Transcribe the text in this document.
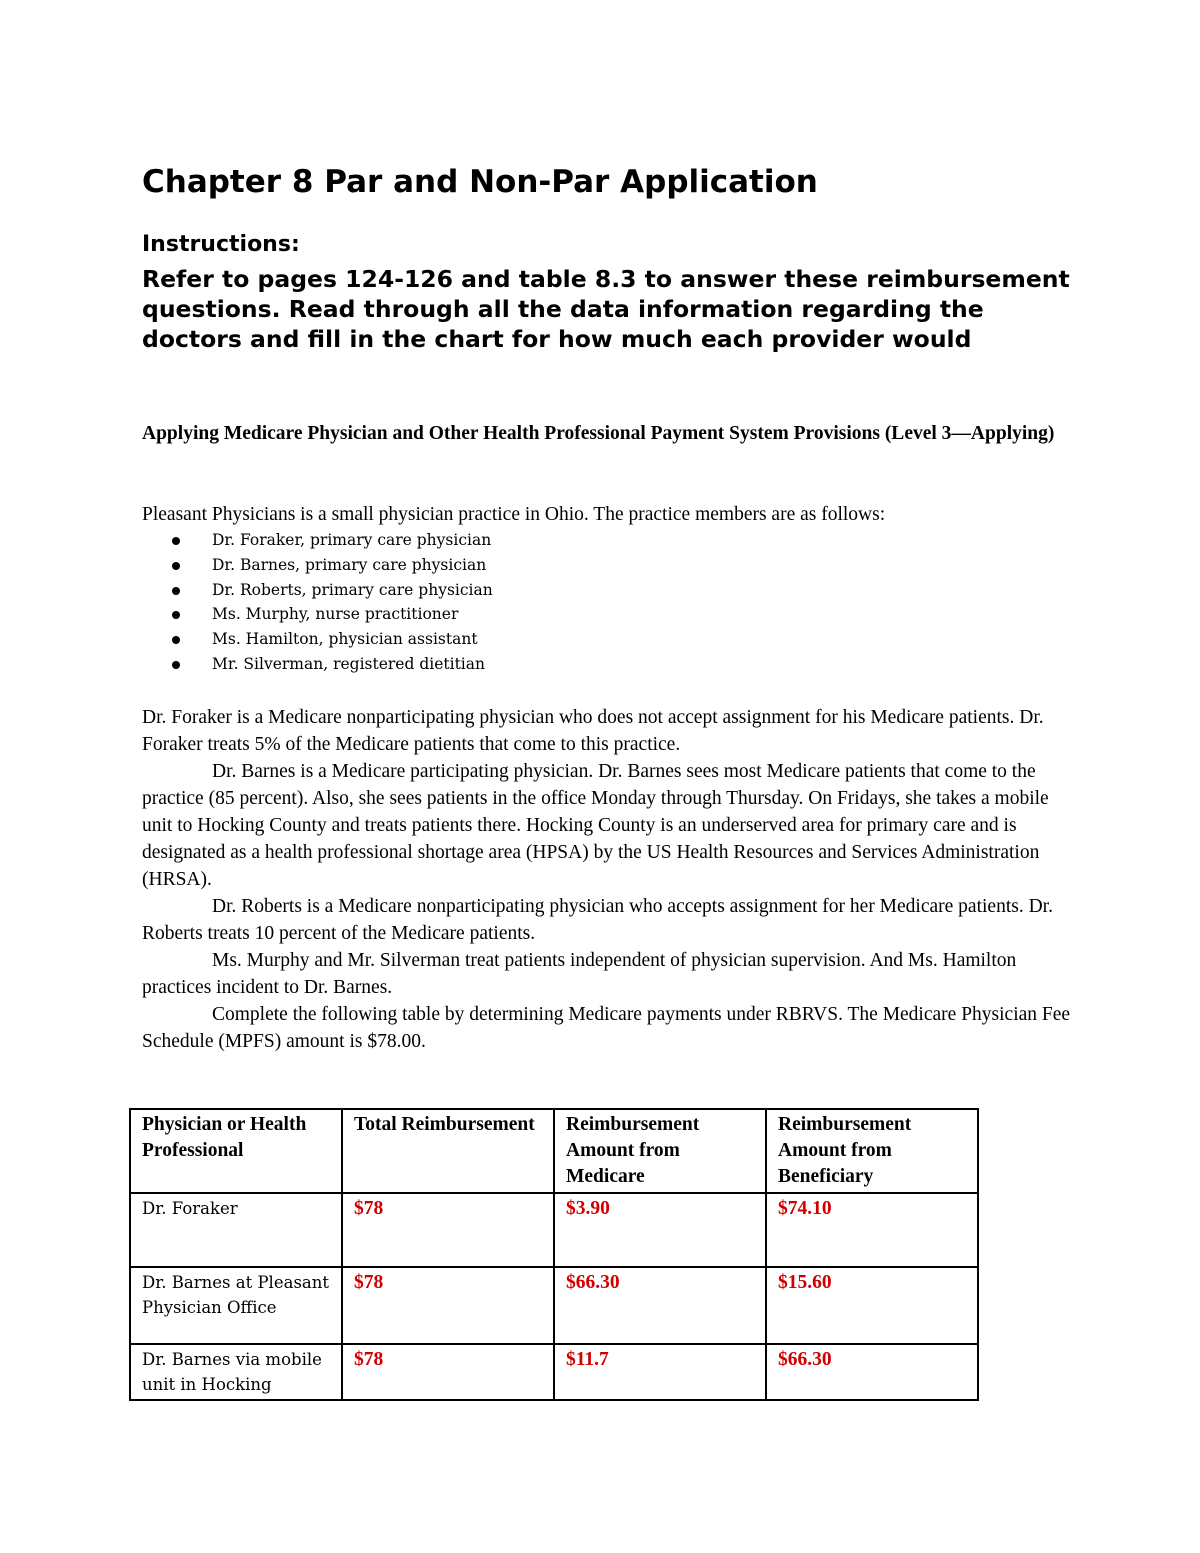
Chapter 8 Par and Non-Par Application
Instructions:
Refer to pages 124-126 and table 8.3 to answer these reimbursement questions. Read through all the data information regarding the doctors and fill in the chart for how much each provider would
Applying Medicare Physician and Other Health Professional Payment System Provisions (Level 3—Applying)

Pleasant Physicians is a small physician practice in Ohio. The practice members are as follows:

Dr. Foraker, primary care physician
Dr. Barnes, primary care physician
Dr. Roberts, primary care physician
Ms. Murphy, nurse practitioner
Ms. Hamilton, physician assistant
Mr. Silverman, registered dietitian

Dr. Foraker is a Medicare nonparticipating physician who does not accept assignment for his Medicare patients. Dr. Foraker treats 5% of the Medicare patients that come to this practice.

Dr. Barnes is a Medicare participating physician. Dr. Barnes sees most Medicare patients that come to the practice (85 percent). Also, she sees patients in the office Monday through Thursday. On Fridays, she takes a mobile unit to Hocking County and treats patients there. Hocking County is an underserved area for primary care and is designated as a health professional shortage area (HPSA) by the US Health Resources and Services Administration (HRSA).

Dr. Roberts is a Medicare nonparticipating physician who accepts assignment for her Medicare patients. Dr. Roberts treats 10 percent of the Medicare patients.

Ms. Murphy and Mr. Silverman treat patients independent of physician supervision. And Ms. Hamilton practices incident to Dr. Barnes.

Complete the following table by determining Medicare payments under RBRVS. The Medicare Physician Fee Schedule (MPFS) amount is $78.00.

Physician or Health Professional	Total Reimbursement	Reimbursement Amount from Medicare	Reimbursement Amount from Beneficiary
Dr. Foraker	$78	$3.90	$74.10
Dr. Barnes at Pleasant Physician Office	$78	$66.30	$15.60
Dr. Barnes via mobile unit in Hocking	$78	$11.7	$66.30
